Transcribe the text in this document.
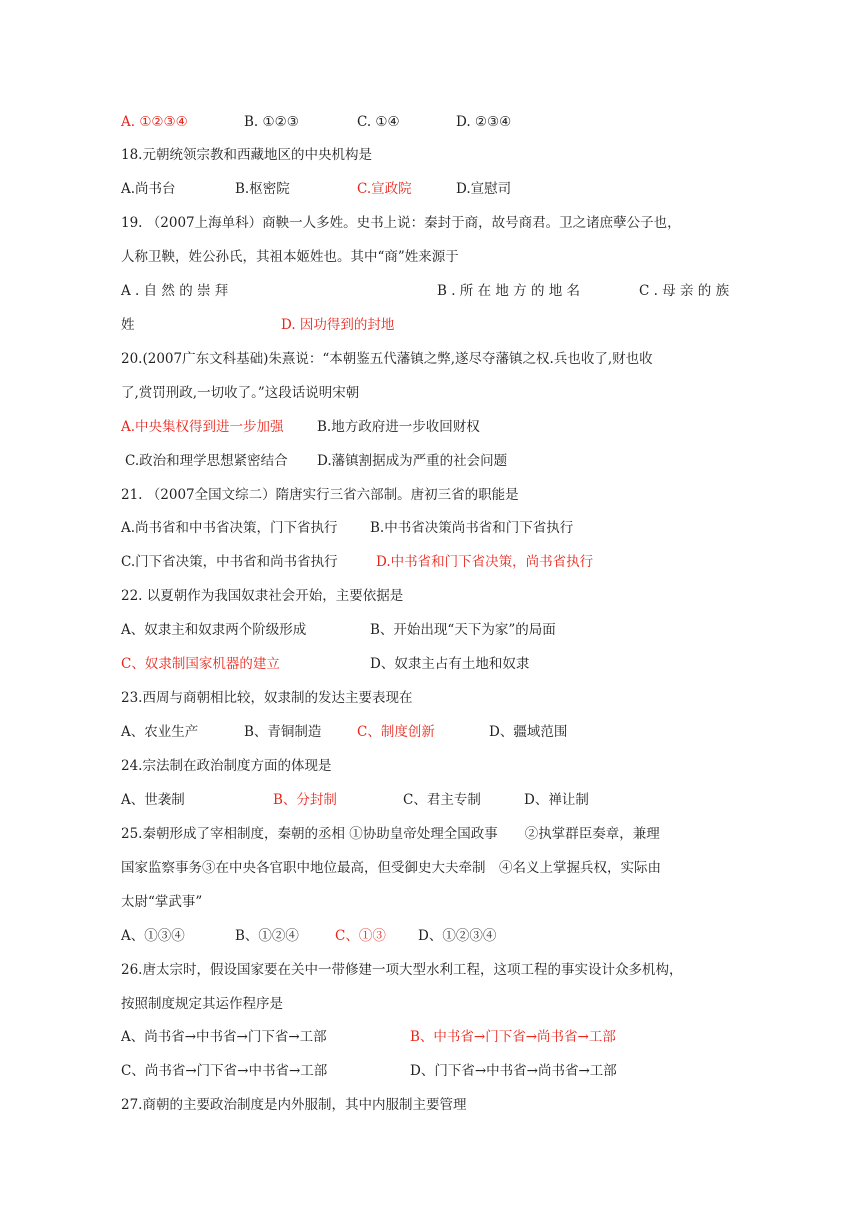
A. ①②③④	B. ①②③	C. ①④	D. ②③④
18.元朝统领宗教和西藏地区的中央机构是
A.尚书台	B.枢密院	C.宣政院	D.宣慰司
19. （2007上海单科）商鞅一人多姓。史书上说：秦封于商，故号商君。卫之诸庶孽公子也，
人称卫鞅，姓公孙氏，其祖本姬姓也。其中“商”姓来源于
A . 自 然 的 崇 拜	B . 所 在 地 方 的 地 名	C . 母 亲 的 族
姓	D. 因功得到的封地
20.(2007广东文科基础)朱熹说：“本朝鉴五代藩镇之弊,遂尽夺藩镇之权.兵也收了,财也收
了,赏罚刑政,一切收了。”这段话说明宋朝
A.中央集权得到进一步加强 B.地方政府进一步收回财权
C.政治和理学思想紧密结合 D.藩镇割据成为严重的社会问题
21. （2007全国文综二）隋唐实行三省六部制。唐初三省的职能是
A.尚书省和中书省决策，门下省执行 B.中书省决策尚书省和门下省执行
C.门下省决策，中书省和尚书省执行	D.中书省和门下省决策，尚书省执行
22. 以夏朝作为我国奴隶社会开始，主要依据是
A、奴隶主和奴隶两个阶级形成	B、开始出现“天下为家”的局面
C、奴隶制国家机器的建立	D、奴隶主占有土地和奴隶
23.西周与商朝相比较，奴隶制的发达主要表现在
A、农业生产	B、青铜制造	C、制度创新	D、疆域范围
24.宗法制在政治制度方面的体现是
A、世袭制	B、分封制	C、君主专制	D、禅让制
25.秦朝形成了宰相制度，秦朝的丞相 ①协助皇帝处理全国政事　　②执掌群臣奏章，兼理
国家监察事务③在中央各官职中地位最高，但受御史大夫牵制　④名义上掌握兵权，实际由
太尉“掌武事”
A、①③④	B、①②④	C、①③ D、①②③④
26.唐太宗时，假设国家要在关中一带修建一项大型水利工程，这项工程的事实设计众多机构，
按照制度规定其运作程序是
A、尚书省→中书省→门下省→工部	B、中书省→门下省→尚书省→工部
C、尚书省→门下省→中书省→工部	D、门下省→中书省→尚书省→工部
27.商朝的主要政治制度是内外服制，其中内服制主要管理
